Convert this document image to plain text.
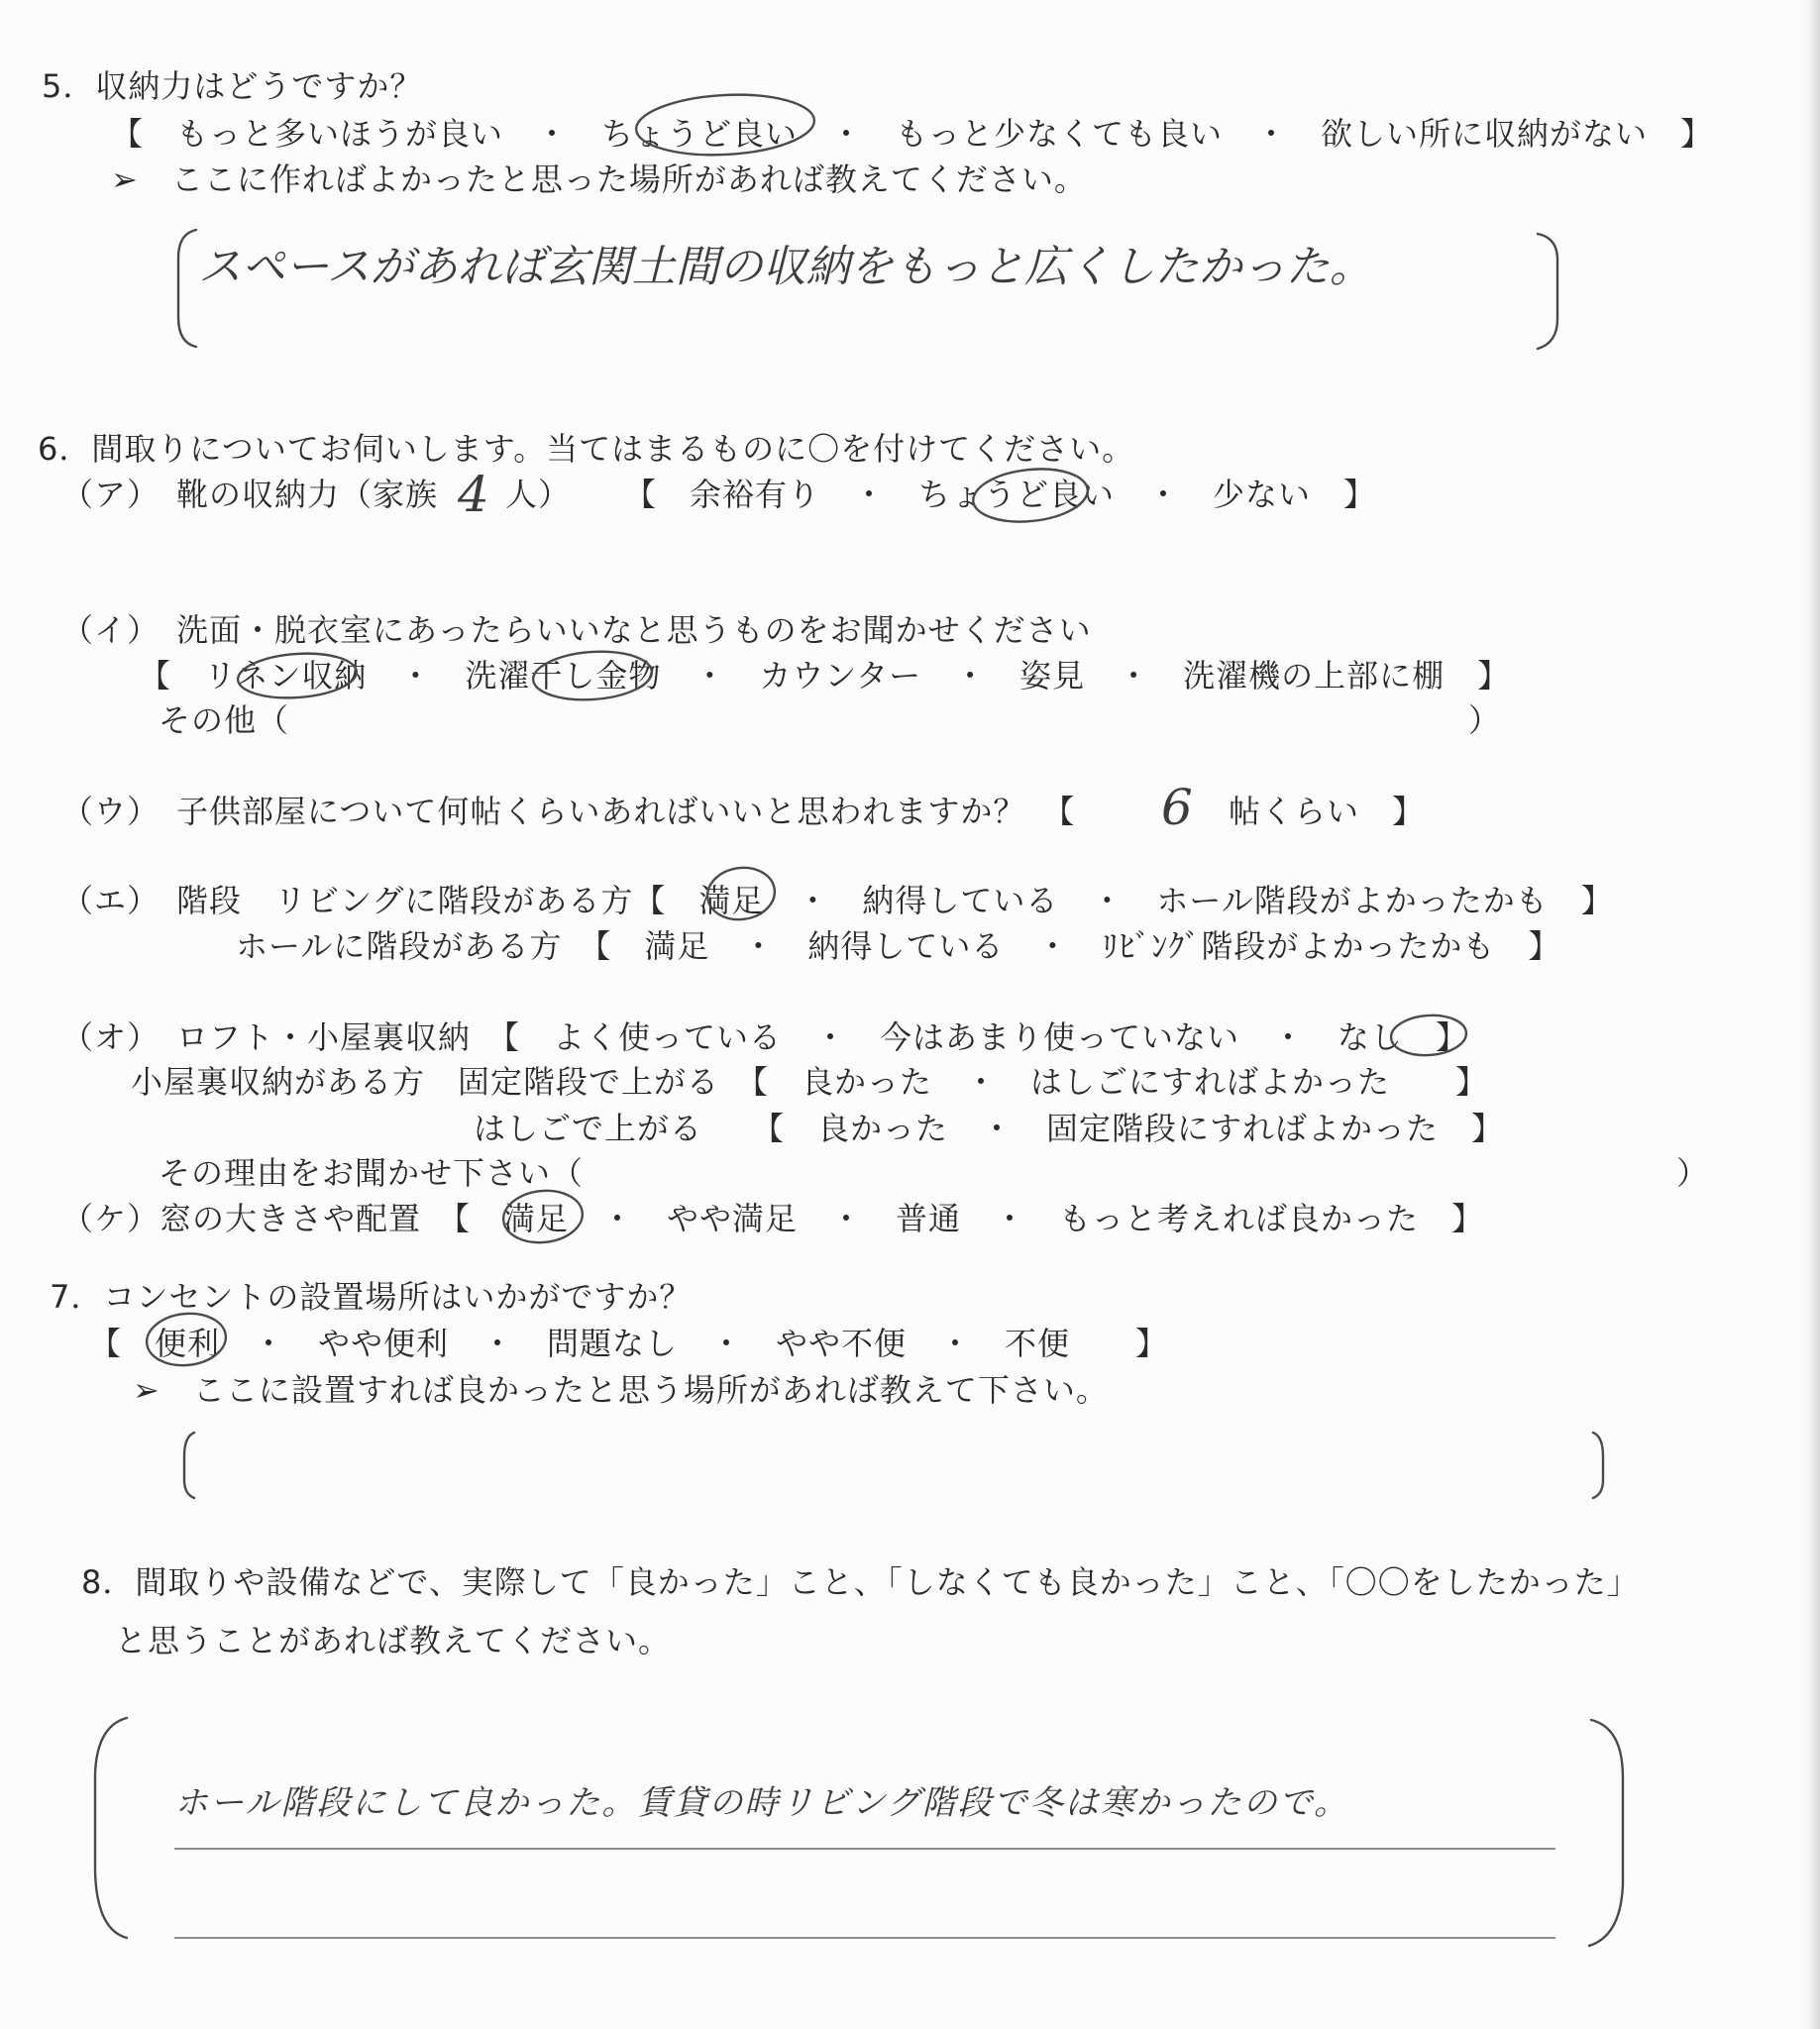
5．収納力はどうですか？
【　もっと多いほうが良い　・　ちょうど良い　・　もっと少なくても良い　・　欲しい所に収納がない　】
➢　ここに作ればよかったと思った場所があれば教えてください。
スペースがあれば玄関土間の収納をもっと広くしたかった。
6．間取りについてお伺いします。当てはまるものに〇を付けてください。
（ア）　靴の収納力（家族 4 人） 【　余裕有り　・　ちょうど良い　・　少ない　】
（イ）　洗面・脱衣室にあったらいいなと思うものをお聞かせください
【　リネン収納　・　洗濯干し金物　・　カウンター　・　姿見　・　洗濯機の上部に棚　】
その他（	）
（ウ）　子供部屋について何帖くらいあればいいと思われますか？　【 6 帖くらい　】
（エ）　階段　リビングに階段がある方【　満足　・　納得している　・　ホール階段がよかったかも　】
ホールに階段がある方　【　満足　・　納得している　・　ﾘﾋﾞﾝｸﾞ階段がよかったかも　】
（オ）　ロフト・小屋裏収納　【　よく使っている　・　今はあまり使っていない　・　なし　】
小屋裏収納がある方　固定階段で上がる　【　良かった　・　はしごにすればよかった　　】
はしごで上がる　　【　良かった　・　固定階段にすればよかった　】
その理由をお聞かせ下さい（	）
（ケ）窓の大きさや配置　【　満足　・　やや満足　・　普通　・　もっと考えれば良かった　】
7．コンセントの設置場所はいかがですか？
【　便利　・　やや便利　・　問題なし　・　やや不便　・　不便　　】
➢　ここに設置すれば良かったと思う場所があれば教えて下さい。
8．間取りや設備などで、実際して「良かった」こと、「しなくても良かった」こと、「〇〇をしたかった」
と思うことがあれば教えてください。
ホール階段にして良かった。賃貸の時リビング階段で冬は寒かったので。
